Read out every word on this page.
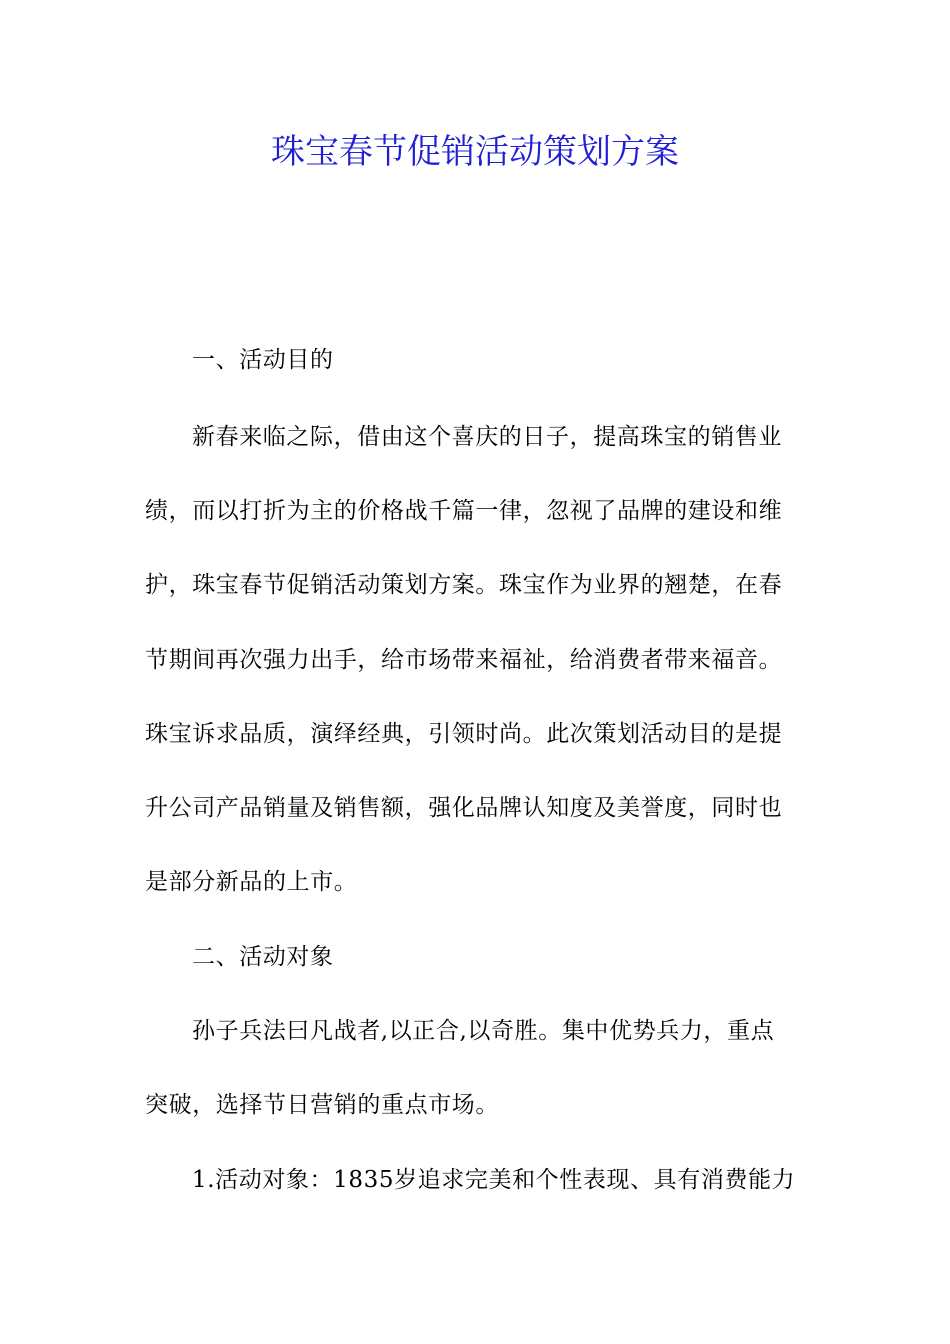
珠宝春节促销活动策划方案
一、活动目的
新春来临之际，借由这个喜庆的日子，提高珠宝的销售业
绩，而以打折为主的价格战千篇一律，忽视了品牌的建设和维
护，珠宝春节促销活动策划方案。珠宝作为业界的翘楚，在春
节期间再次强力出手，给市场带来福祉，给消费者带来福音。
珠宝诉求品质，演绎经典，引领时尚。此次策划活动目的是提
升公司产品销量及销售额，强化品牌认知度及美誉度，同时也
是部分新品的上市。
二、活动对象
孙子兵法曰凡战者,以正合,以奇胜。集中优势兵力，重点
突破，选择节日营销的重点市场。
1.活动对象：1835岁追求完美和个性表现、具有消费能力
